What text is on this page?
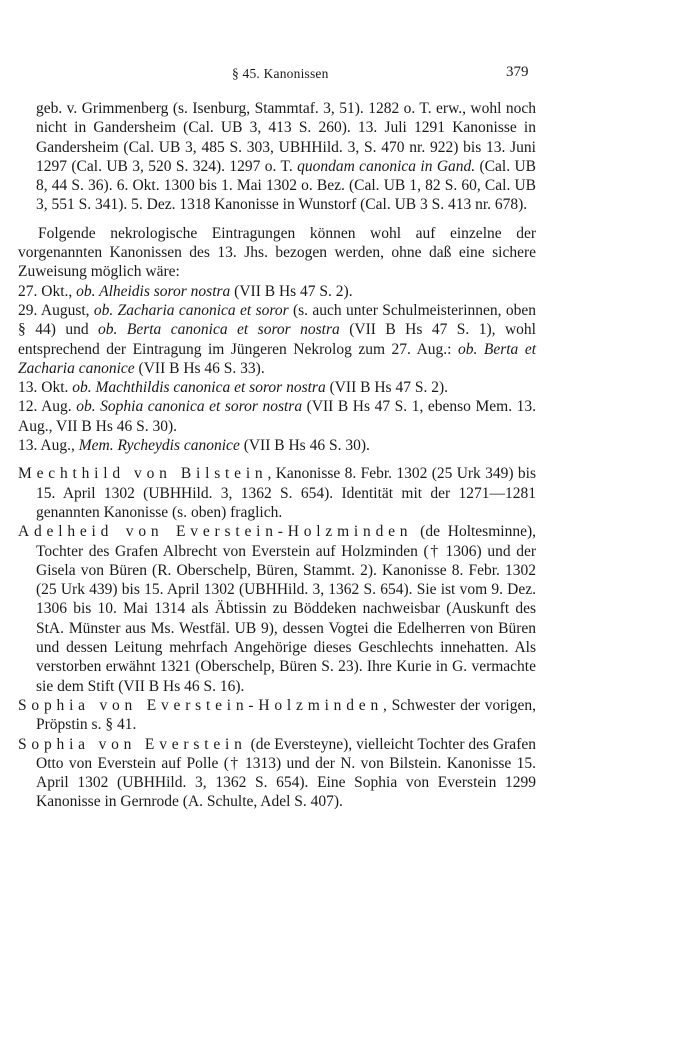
§ 45. Kanonissen	379

geb. v. Grimmenberg (s. Isenburg, Stammtaf. 3, 51). 1282 o. T. erw., wohl noch nicht in Gandersheim (Cal. UB 3, 413 S. 260). 13. Juli 1291 Kanonisse in Gandersheim (Cal. UB 3, 485 S. 303, UBHHild. 3, S. 470 nr. 922) bis 13. Juni 1297 (Cal. UB 3, 520 S. 324). 1297 o. T. quondam canonica in Gand. (Cal. UB 8, 44 S. 36). 6. Okt. 1300 bis 1. Mai 1302 o. Bez. (Cal. UB 1, 82 S. 60, Cal. UB 3, 551 S. 341). 5. Dez. 1318 Kanonisse in Wunstorf (Cal. UB 3 S. 413 nr. 678).

Folgende nekrologische Eintragungen können wohl auf einzelne der vorgenannten Kanonissen des 13. Jhs. bezogen werden, ohne daß eine sichere Zuweisung möglich wäre:

27. Okt., ob. Alheidis soror nostra (VII B Hs 47 S. 2).

29. August, ob. Zacharia canonica et soror (s. auch unter Schulmeisterinnen, oben § 44) und ob. Berta canonica et soror nostra (VII B Hs 47 S. 1), wohl entsprechend der Eintragung im Jüngeren Nekrolog zum 27. Aug.: ob. Berta et Zacharia canonice (VII B Hs 46 S. 33).

13. Okt. ob. Machthildis canonica et soror nostra (VII B Hs 47 S. 2).

12. Aug. ob. Sophia canonica et soror nostra (VII B Hs 47 S. 1, ebenso Mem. 13. Aug., VII B Hs 46 S. 30).

13. Aug., Mem. Rycheydis canonice (VII B Hs 46 S. 30).

Mechthild von Bilstein, Kanonisse 8. Febr. 1302 (25 Urk 349) bis 15. April 1302 (UBHHild. 3, 1362 S. 654). Identität mit der 1271—1281 genannten Kanonisse (s. oben) fraglich.

Adelheid von Everstein-Holzminden (de Holtesminne), Tochter des Grafen Albrecht von Everstein auf Holzminden († 1306) und der Gisela von Büren (R. Oberschelp, Büren, Stammt. 2). Kanonisse 8. Febr. 1302 (25 Urk 439) bis 15. April 1302 (UBHHild. 3, 1362 S. 654). Sie ist vom 9. Dez. 1306 bis 10. Mai 1314 als Äbtissin zu Böddeken nachweisbar (Auskunft des StA. Münster aus Ms. Westfäl. UB 9), dessen Vogtei die Edelherren von Büren und dessen Leitung mehrfach Angehörige dieses Geschlechts innehatten. Als verstorben erwähnt 1321 (Oberschelp, Büren S. 23). Ihre Kurie in G. vermachte sie dem Stift (VII B Hs 46 S. 16).

Sophia von Everstein-Holzminden, Schwester der vorigen, Pröpstin s. § 41.

Sophia von Everstein (de Eversteyne), vielleicht Tochter des Grafen Otto von Everstein auf Polle († 1313) und der N. von Bilstein. Kanonisse 15. April 1302 (UBHHild. 3, 1362 S. 654). Eine Sophia von Everstein 1299 Kanonisse in Gernrode (A. Schulte, Adel S. 407).
